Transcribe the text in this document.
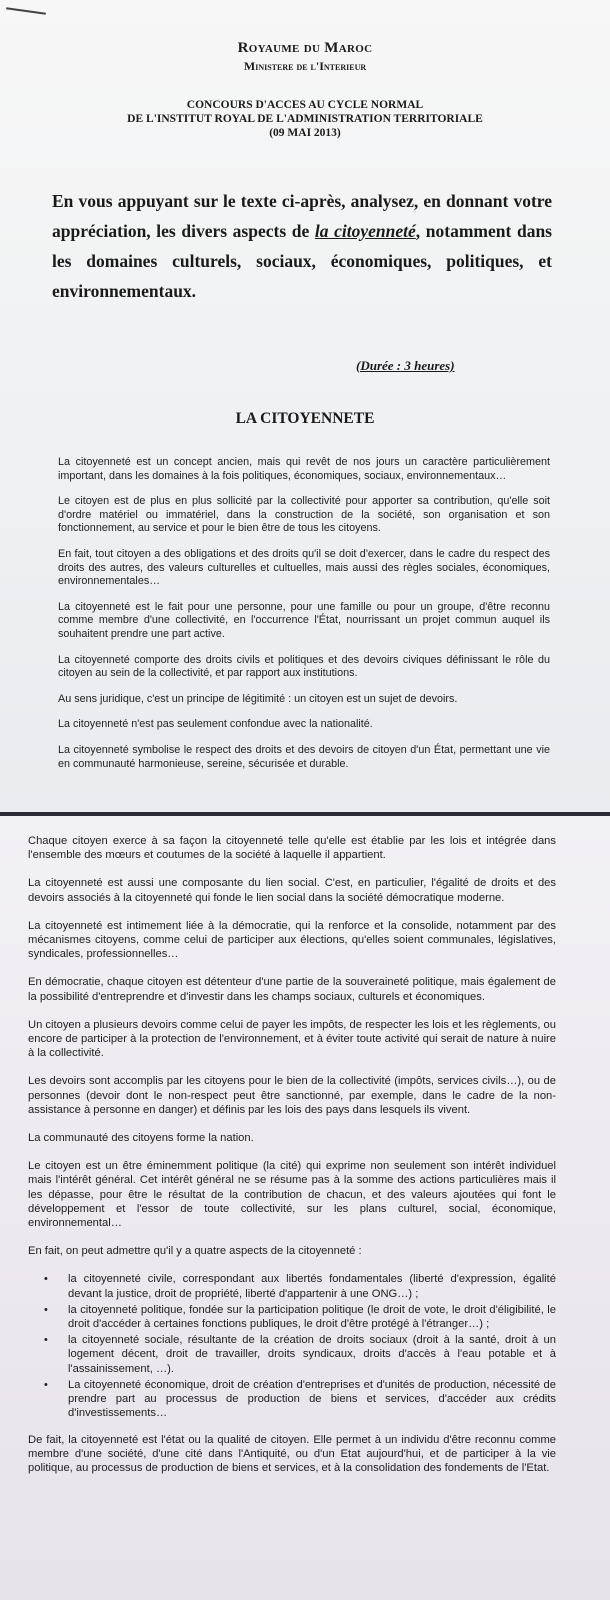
Royaume du Maroc
Ministere de l'Interieur
CONCOURS D'ACCES AU CYCLE NORMAL
DE L'INSTITUT ROYAL DE L'ADMINISTRATION TERRITORIALE
(09 MAI 2013)
En vous appuyant sur le texte ci-après, analysez, en donnant votre appréciation, les divers aspects de la citoyenneté, notamment dans les domaines culturels, sociaux, économiques, politiques, et environnementaux.
(Durée : 3 heures)
LA CITOYENNETE

La citoyenneté est un concept ancien, mais qui revêt de nos jours un caractère particulièrement important, dans les domaines à la fois politiques, économiques, sociaux, environnementaux…

Le citoyen est de plus en plus sollicité par la collectivité pour apporter sa contribution, qu'elle soit d'ordre matériel ou immatériel, dans la construction de la société, son organisation et son fonctionnement, au service et pour le bien être de tous les citoyens.

En fait, tout citoyen a des obligations et des droits qu'il se doit d'exercer, dans le cadre du respect des droits des autres, des valeurs culturelles et cultuelles, mais aussi des règles sociales, économiques, environnementales…

La citoyenneté est le fait pour une personne, pour une famille ou pour un groupe, d'être reconnu comme membre d'une collectivité, en l'occurrence l'État, nourrissant un projet commun auquel ils souhaitent prendre une part active.

La citoyenneté comporte des droits civils et politiques et des devoirs civiques définissant le rôle du citoyen au sein de la collectivité, et par rapport aux institutions.

Au sens juridique, c'est un principe de légitimité : un citoyen est un sujet de devoirs.

La citoyenneté n'est pas seulement confondue avec la nationalité.

La citoyenneté symbolise le respect des droits et des devoirs de citoyen d'un État, permettant une vie en communauté harmonieuse, sereine, sécurisée et durable.

Chaque citoyen exerce à sa façon la citoyenneté telle qu'elle est établie par les lois et intégrée dans l'ensemble des mœurs et coutumes de la société à laquelle il appartient.

La citoyenneté est aussi une composante du lien social. C'est, en particulier, l'égalité de droits et des devoirs associés à la citoyenneté qui fonde le lien social dans la société démocratique moderne.

La citoyenneté est intimement liée à la démocratie, qui la renforce et la consolide, notamment par des mécanismes citoyens, comme celui de participer aux élections, qu'elles soient communales, législatives, syndicales, professionnelles…

En démocratie, chaque citoyen est détenteur d'une partie de la souveraineté politique, mais également de la possibilité d'entreprendre et d'investir dans les champs sociaux, culturels et économiques.

Un citoyen a plusieurs devoirs comme celui de payer les impôts, de respecter les lois et les règlements, ou encore de participer à la protection de l'environnement, et à éviter toute activité qui serait de nature à nuire à la collectivité.

Les devoirs sont accomplis par les citoyens pour le bien de la collectivité (impôts, services civils…), ou de personnes (devoir dont le non-respect peut être sanctionné, par exemple, dans le cadre de la non-assistance à personne en danger) et définis par les lois des pays dans lesquels ils vivent.

La communauté des citoyens forme la nation.

Le citoyen est un être éminemment politique (la cité) qui exprime non seulement son intérêt individuel mais l'intérêt général. Cet intérêt général ne se résume pas à la somme des actions particulières mais il les dépasse, pour être le résultat de la contribution de chacun, et des valeurs ajoutées qui font le développement et l'essor de toute collectivité, sur les plans culturel, social, économique, environnemental…

En fait, on peut admettre qu'il y a quatre aspects de la citoyenneté :

• la citoyenneté civile, correspondant aux libertés fondamentales (liberté d'expression, égalité devant la justice, droit de propriété, liberté d'appartenir à une ONG…) ;
• la citoyenneté politique, fondée sur la participation politique (le droit de vote, le droit d'éligibilité, le droit d'accéder à certaines fonctions publiques, le droit d'être protégé à l'étranger…) ;
• la citoyenneté sociale, résultante de la création de droits sociaux (droit à la santé, droit à un logement décent, droit de travailler, droits syndicaux, droits d'accès à l'eau potable et à l'assainissement, …).
• La citoyenneté économique, droit de création d'entreprises et d'unités de production, nécessité de prendre part au processus de production de biens et services, d'accéder aux crédits d'investissements…

De fait, la citoyenneté est l'état ou la qualité de citoyen. Elle permet à un individu d'être reconnu comme membre d'une société, d'une cité dans l'Antiquité, ou d'un Etat aujourd'hui, et de participer à la vie politique, au processus de production de biens et services, et à la consolidation des fondements de l'Etat.
